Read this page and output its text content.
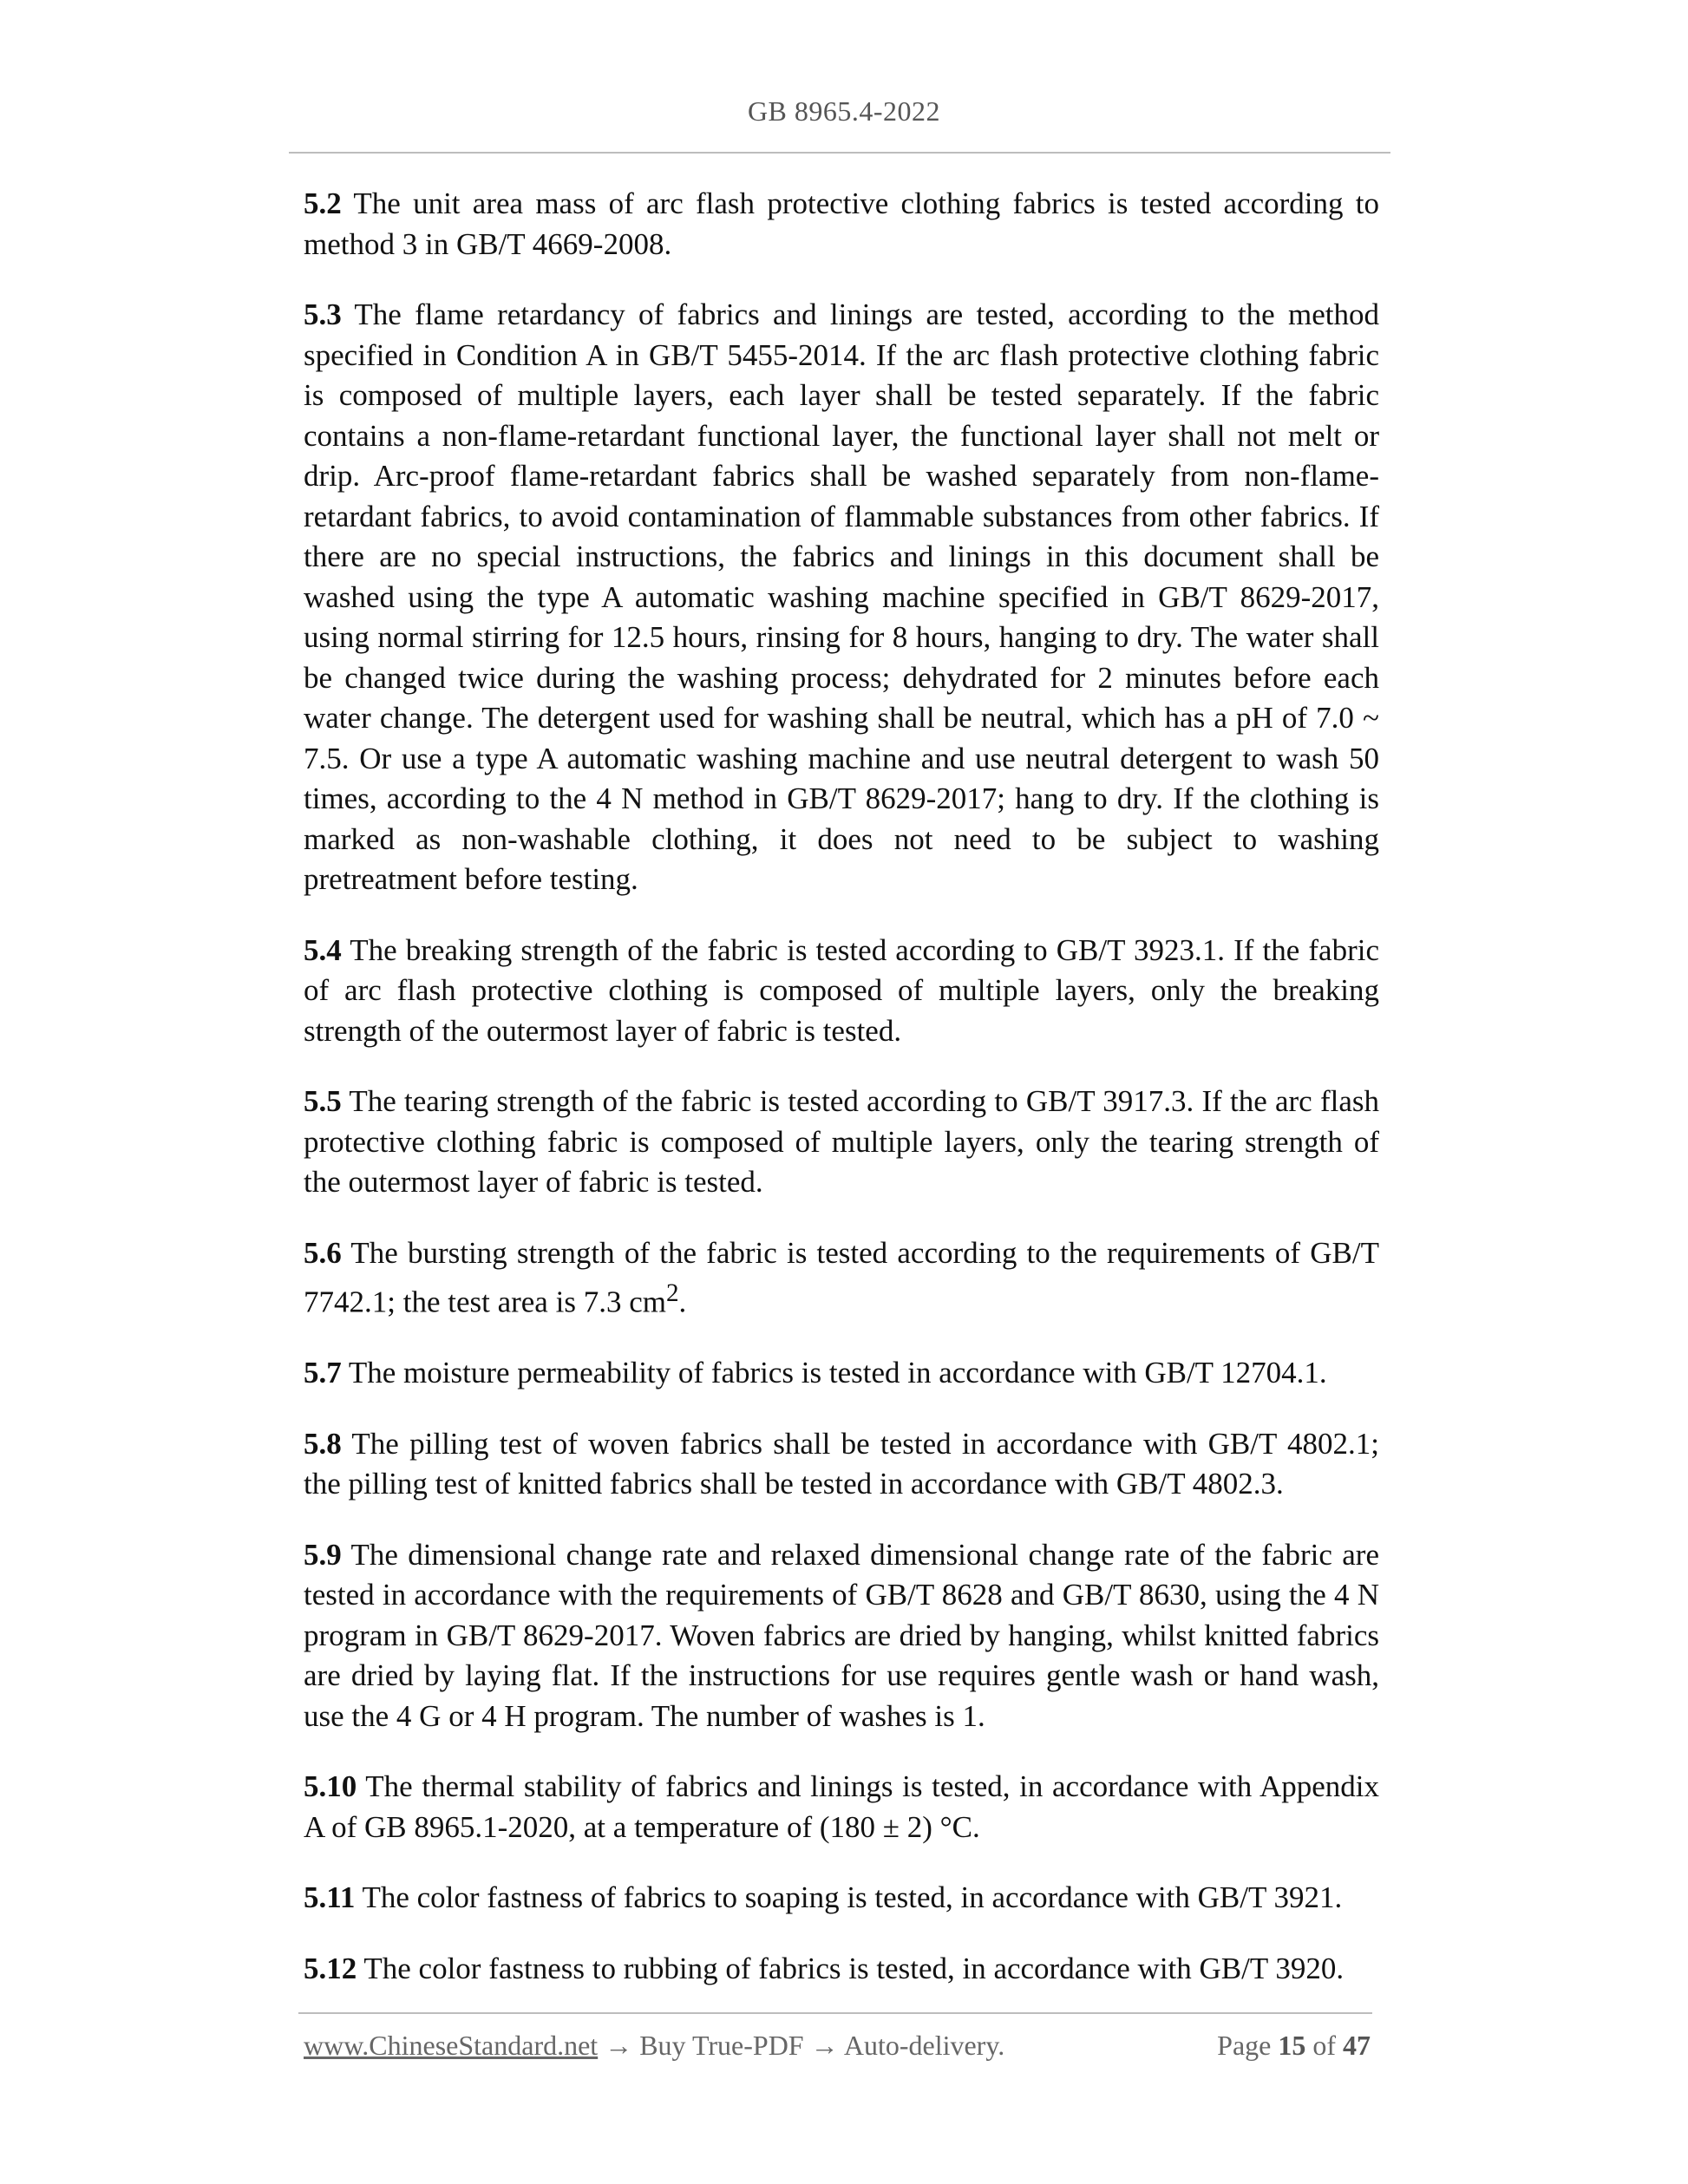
GB 8965.4-2022

5.2 The unit area mass of arc flash protective clothing fabrics is tested according to method 3 in GB/T 4669-2008.

5.3 The flame retardancy of fabrics and linings are tested, according to the method specified in Condition A in GB/T 5455-2014. If the arc flash protective clothing fabric is composed of multiple layers, each layer shall be tested separately. If the fabric contains a non-flame-retardant functional layer, the functional layer shall not melt or drip. Arc-proof flame-retardant fabrics shall be washed separately from non-flame-retardant fabrics, to avoid contamination of flammable substances from other fabrics. If there are no special instructions, the fabrics and linings in this document shall be washed using the type A automatic washing machine specified in GB/T 8629-2017, using normal stirring for 12.5 hours, rinsing for 8 hours, hanging to dry. The water shall be changed twice during the washing process; dehydrated for 2 minutes before each water change. The detergent used for washing shall be neutral, which has a pH of 7.0 ~ 7.5. Or use a type A automatic washing machine and use neutral detergent to wash 50 times, according to the 4 N method in GB/T 8629-2017; hang to dry. If the clothing is marked as non-washable clothing, it does not need to be subject to washing pretreatment before testing.

5.4 The breaking strength of the fabric is tested according to GB/T 3923.1. If the fabric of arc flash protective clothing is composed of multiple layers, only the breaking strength of the outermost layer of fabric is tested.

5.5 The tearing strength of the fabric is tested according to GB/T 3917.3. If the arc flash protective clothing fabric is composed of multiple layers, only the tearing strength of the outermost layer of fabric is tested.

5.6 The bursting strength of the fabric is tested according to the requirements of GB/T 7742.1; the test area is 7.3 $cm^2$.

5.7 The moisture permeability of fabrics is tested in accordance with GB/T 12704.1.

5.8 The pilling test of woven fabrics shall be tested in accordance with GB/T 4802.1; the pilling test of knitted fabrics shall be tested in accordance with GB/T 4802.3.

5.9 The dimensional change rate and relaxed dimensional change rate of the fabric are tested in accordance with the requirements of GB/T 8628 and GB/T 8630, using the 4 N program in GB/T 8629-2017. Woven fabrics are dried by hanging, whilst knitted fabrics are dried by laying flat. If the instructions for use requires gentle wash or hand wash, use the 4 G or 4 H program. The number of washes is 1.

5.10 The thermal stability of fabrics and linings is tested, in accordance with Appendix A of GB 8965.1-2020, at a temperature of (180 ± 2) °C.

5.11 The color fastness of fabrics to soaping is tested, in accordance with GB/T 3921.

5.12 The color fastness to rubbing of fabrics is tested, in accordance with GB/T 3920.

www.ChineseStandard.net → Buy True-PDF → Auto-delivery.	Page 15 of 47
